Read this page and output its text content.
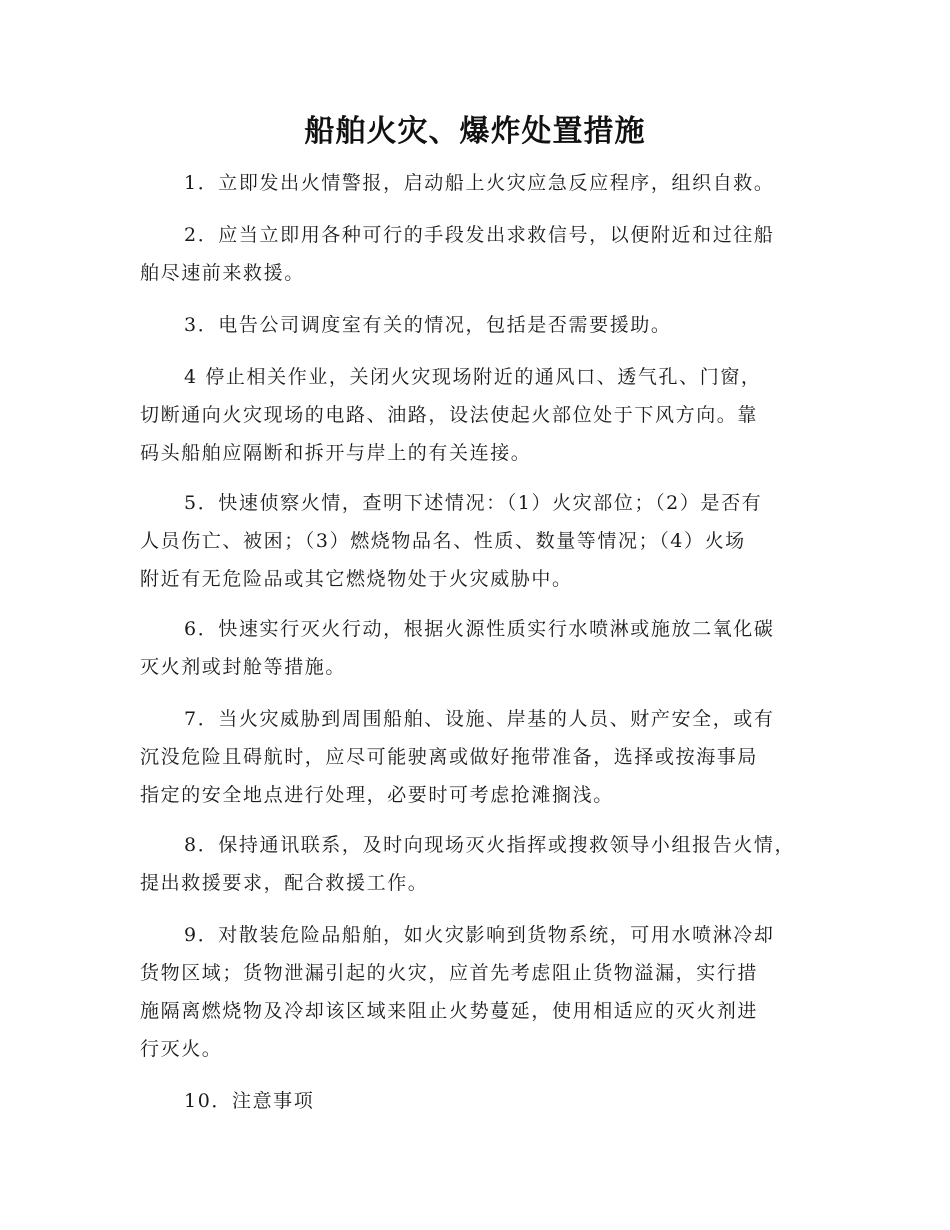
船舶火灾、爆炸处置措施
1．立即发出火情警报，启动船上火灾应急反应程序，组织自救。
2．应当立即用各种可行的手段发出求救信号，以便附近和过往船
舶尽速前来救援。
3．电告公司调度室有关的情况，包括是否需要援助。
4 停止相关作业，关闭火灾现场附近的通风口、透气孔、门窗，
切断通向火灾现场的电路、油路，设法使起火部位处于下风方向。靠
码头船舶应隔断和拆开与岸上的有关连接。
5．快速侦察火情，查明下述情况：（1）火灾部位；（2）是否有
人员伤亡、被困；（3）燃烧物品名、性质、数量等情况；（4）火场
附近有无危险品或其它燃烧物处于火灾威胁中。
6．快速实行灭火行动，根据火源性质实行水喷淋或施放二氧化碳
灭火剂或封舱等措施。
7．当火灾威胁到周围船舶、设施、岸基的人员、财产安全，或有
沉没危险且碍航时，应尽可能驶离或做好拖带准备，选择或按海事局
指定的安全地点进行处理，必要时可考虑抢滩搁浅。
8．保持通讯联系，及时向现场灭火指挥或搜救领导小组报告火情，
提出救援要求，配合救援工作。
9．对散装危险品船舶，如火灾影响到货物系统，可用水喷淋冷却
货物区域；货物泄漏引起的火灾，应首先考虑阻止货物溢漏，实行措
施隔离燃烧物及冷却该区域来阻止火势蔓延，使用相适应的灭火剂进
行灭火。
10．注意事项
